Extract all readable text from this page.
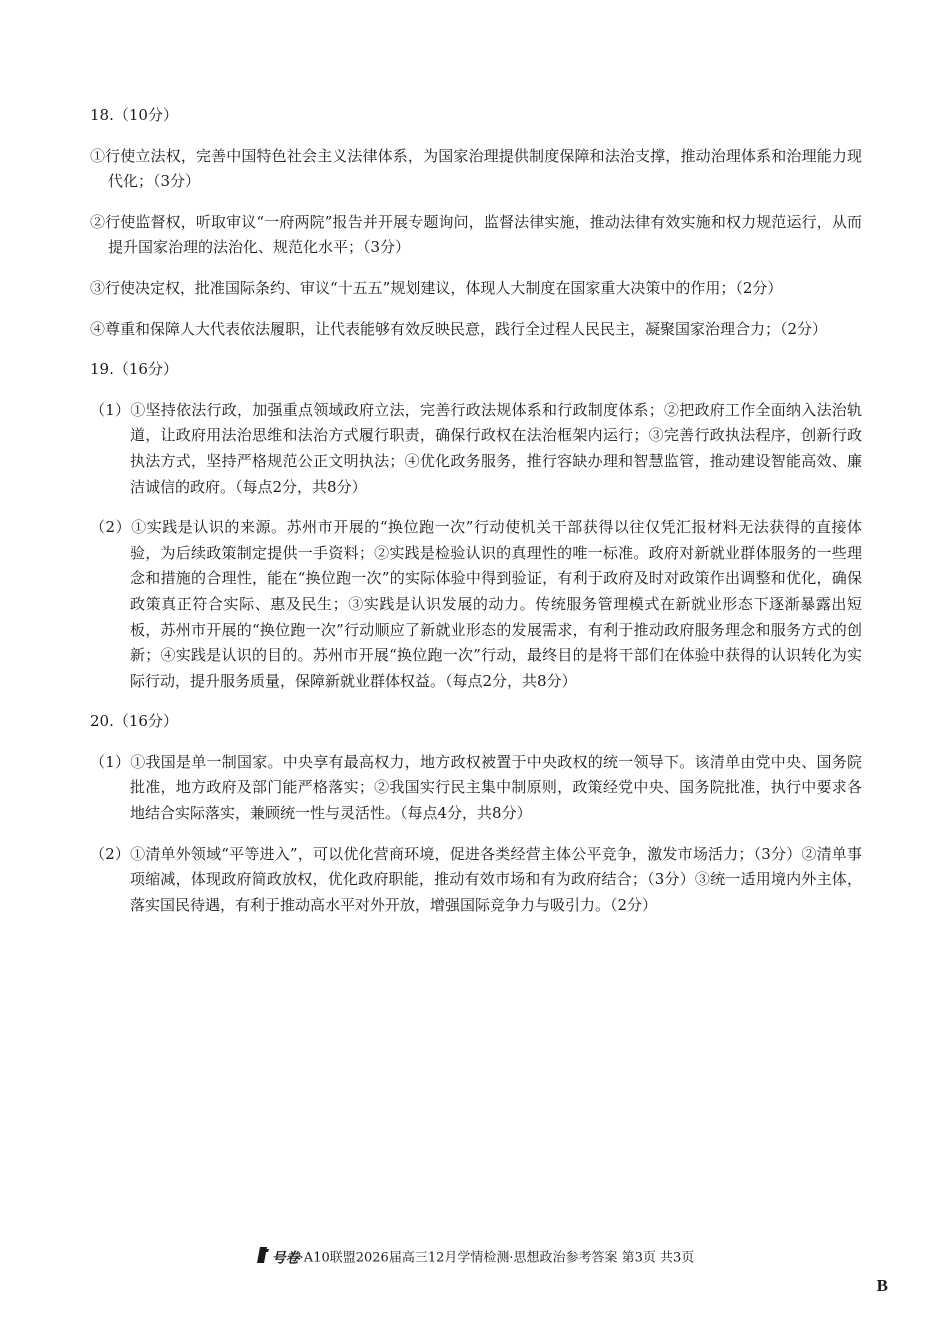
18.（10分）

①行使立法权，完善中国特色社会主义法律体系，为国家治理提供制度保障和法治支撑，推动治理体系和治理能力现代化；（3分）

②行使监督权，听取审议“一府两院”报告并开展专题询问，监督法律实施，推动法律有效实施和权力规范运行，从而提升国家治理的法治化、规范化水平；（3分）

③行使决定权，批准国际条约、审议“十五五”规划建议，体现人大制度在国家重大决策中的作用；（2分）

④尊重和保障人大代表依法履职，让代表能够有效反映民意，践行全过程人民民主，凝聚国家治理合力；（2分）

19.（16分）

（1）①坚持依法行政，加强重点领域政府立法，完善行政法规体系和行政制度体系；②把政府工作全面纳入法治轨道，让政府用法治思维和法治方式履行职责，确保行政权在法治框架内运行；③完善行政执法程序，创新行政执法方式，坚持严格规范公正文明执法；④优化政务服务，推行容缺办理和智慧监管，推动建设智能高效、廉洁诚信的政府。（每点2分，共8分）

（2）①实践是认识的来源。苏州市开展的“换位跑一次”行动使机关干部获得以往仅凭汇报材料无法获得的直接体验，为后续政策制定提供一手资料；②实践是检验认识的真理性的唯一标准。政府对新就业群体服务的一些理念和措施的合理性，能在“换位跑一次”的实际体验中得到验证，有利于政府及时对政策作出调整和优化，确保政策真正符合实际、惠及民生；③实践是认识发展的动力。传统服务管理模式在新就业形态下逐渐暴露出短板，苏州市开展的“换位跑一次”行动顺应了新就业形态的发展需求，有利于推动政府服务理念和服务方式的创新；④实践是认识的目的。苏州市开展“换位跑一次”行动，最终目的是将干部们在体验中获得的认识转化为实际行动，提升服务质量，保障新就业群体权益。（每点2分，共8分）

20.（16分）

（1）①我国是单一制国家。中央享有最高权力，地方政权被置于中央政权的统一领导下。该清单由党中央、国务院批准，地方政府及部门能严格落实；②我国实行民主集中制原则，政策经党中央、国务院批准，执行中要求各地结合实际落实，兼顾统一性与灵活性。（每点4分，共8分）

（2）①清单外领域“平等进入”，可以优化营商环境，促进各类经营主体公平竞争，激发市场活力；（3分）②清单事项缩减，体现政府简政放权，优化政府职能，推动有效市场和有为政府结合；（3分）③统一适用境内外主体，落实国民待遇，有利于推动高水平对外开放，增强国际竞争力与吸引力。（2分）

号卷·A10联盟2026届高三12月学情检测·思想政治参考答案 第3页 共3页
B
